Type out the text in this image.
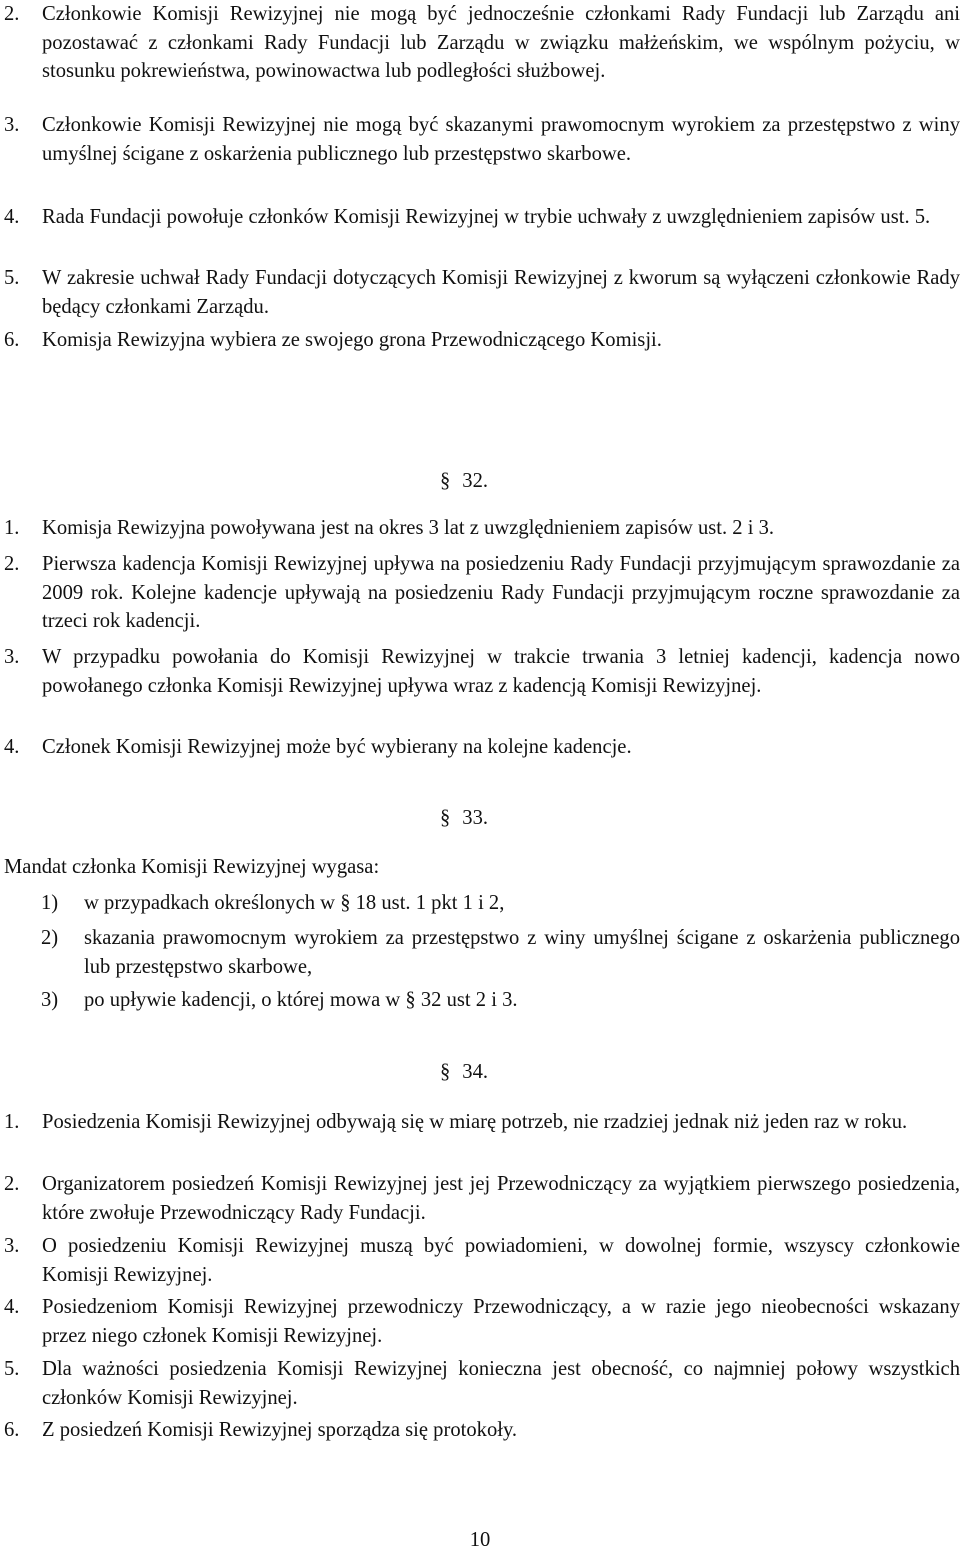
2. Członkowie Komisji Rewizyjnej nie mogą być jednocześnie członkami Rady Fundacji lub Zarządu ani pozostawać z członkami Rady Fundacji lub Zarządu w związku małżeńskim, we wspólnym pożyciu, w stosunku pokrewieństwa, powinowactwa lub podległości służbowej.
3. Członkowie Komisji Rewizyjnej nie mogą być skazanymi prawomocnym wyrokiem za przestępstwo z winy umyślnej ścigane z oskarżenia publicznego lub przestępstwo skarbowe.
4. Rada Fundacji powołuje członków Komisji Rewizyjnej w trybie uchwały z uwzględnieniem zapisów ust. 5.
5. W zakresie uchwał Rady Fundacji dotyczących Komisji Rewizyjnej z kworum są wyłączeni członkowie Rady będący członkami Zarządu.
6. Komisja Rewizyjna wybiera ze swojego grona Przewodniczącego Komisji.
§ 32.
1. Komisja Rewizyjna powoływana jest na okres 3 lat z uwzględnieniem zapisów ust. 2 i 3.
2. Pierwsza kadencja Komisji Rewizyjnej upływa na posiedzeniu Rady Fundacji przyjmującym sprawozdanie za 2009 rok. Kolejne kadencje upływają na posiedzeniu Rady Fundacji przyjmującym roczne sprawozdanie za trzeci rok kadencji.
3. W przypadku powołania do Komisji Rewizyjnej w trakcie trwania 3 letniej kadencji, kadencja nowo powołanego członka Komisji Rewizyjnej upływa wraz z kadencją Komisji Rewizyjnej.
4. Członek Komisji Rewizyjnej może być wybierany na kolejne kadencje.
§ 33.
Mandat członka Komisji Rewizyjnej wygasa:
1) w przypadkach określonych w § 18 ust. 1 pkt 1 i 2,
2) skazania prawomocnym wyrokiem za przestępstwo z winy umyślnej ścigane z oskarżenia publicznego lub przestępstwo skarbowe,
3) po upływie kadencji, o której mowa w § 32 ust 2 i 3.
§ 34.
1. Posiedzenia Komisji Rewizyjnej odbywają się w miarę potrzeb, nie rzadziej jednak niż jeden raz w roku.
2. Organizatorem posiedzeń Komisji Rewizyjnej jest jej Przewodniczący za wyjątkiem pierwszego posiedzenia, które zwołuje Przewodniczący Rady Fundacji.
3. O posiedzeniu Komisji Rewizyjnej muszą być powiadomieni, w dowolnej formie, wszyscy członkowie Komisji Rewizyjnej.
4. Posiedzeniom Komisji Rewizyjnej przewodniczy Przewodniczący, a w razie jego nieobecności wskazany przez niego członek Komisji Rewizyjnej.
5. Dla ważności posiedzenia Komisji Rewizyjnej konieczna jest obecność, co najmniej połowy wszystkich członków Komisji Rewizyjnej.
6. Z posiedzeń Komisji Rewizyjnej sporządza się protokoły.
10
